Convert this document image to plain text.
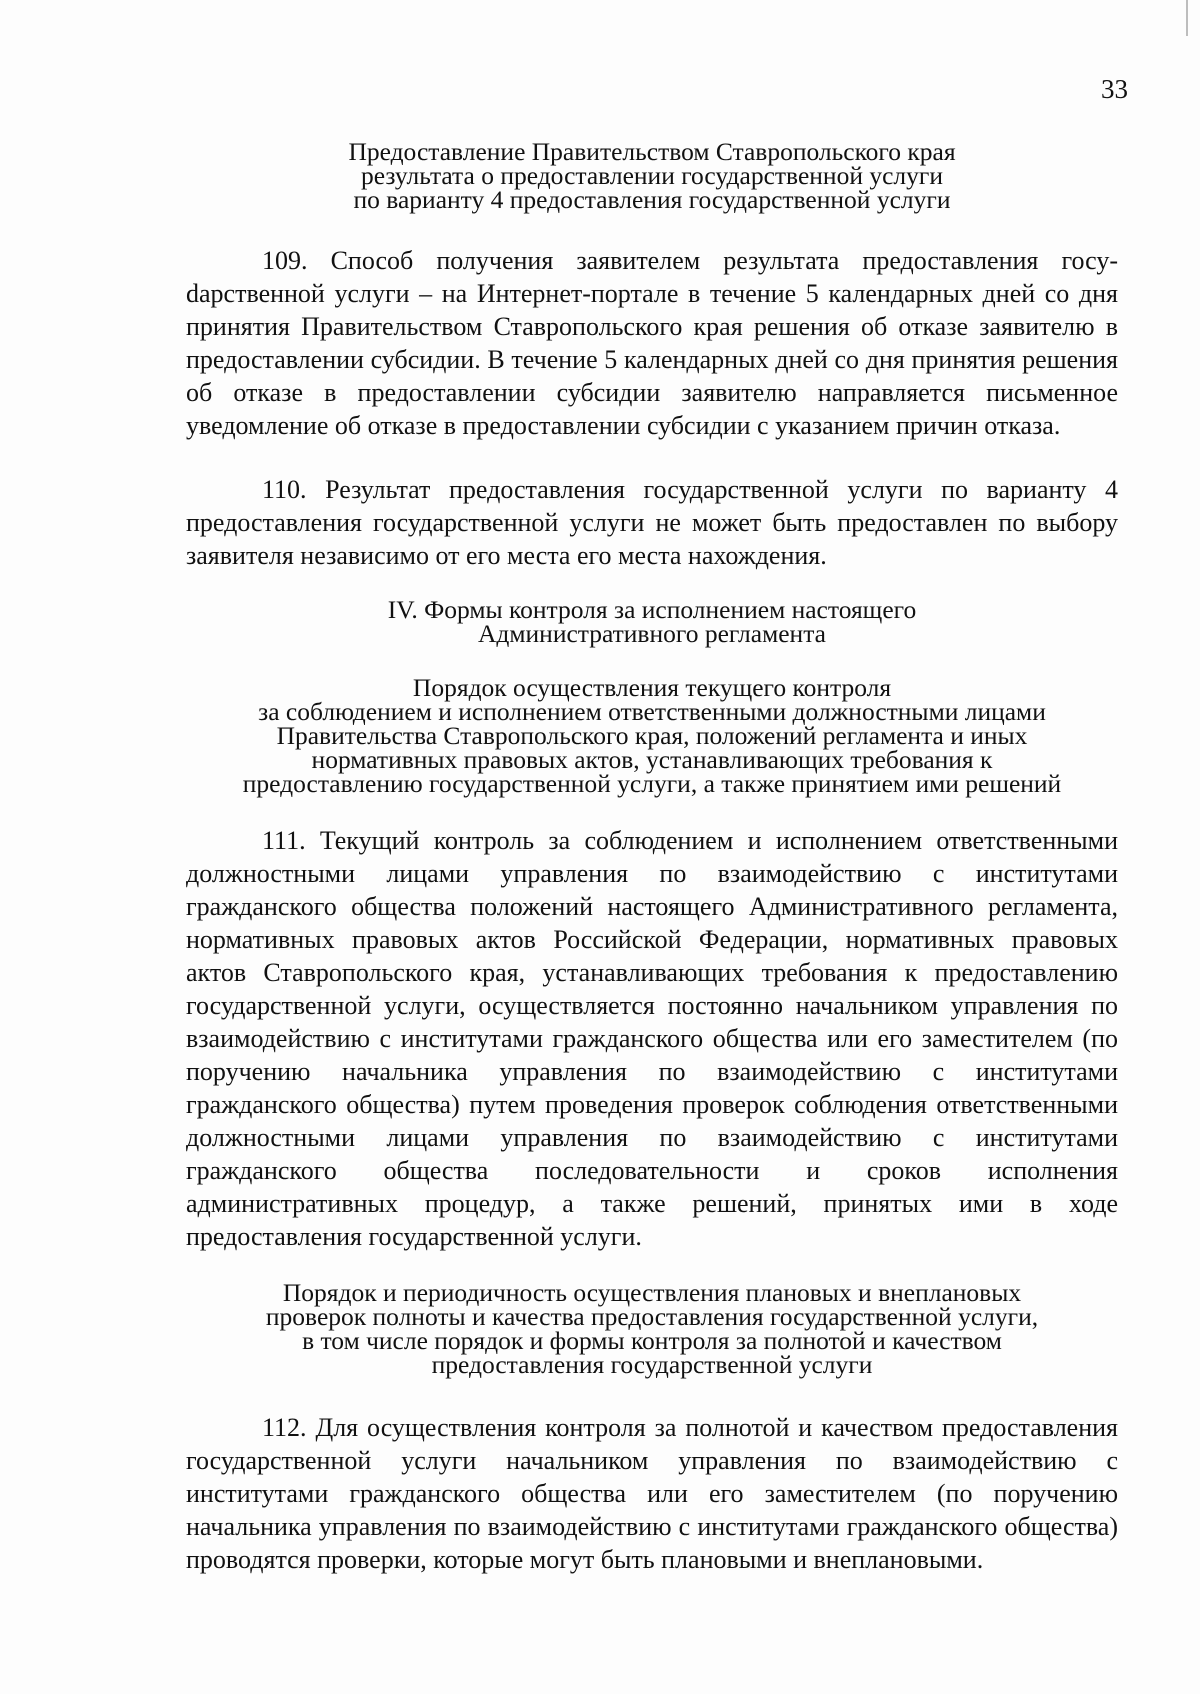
33

Предоставление Правительством Ставропольского края
результата о предоставлении государственной услуги
по варианту 4 предоставления государственной услуги

109. Способ получения заявителем результата предоставления госуdарственной услуги – на Интернет-портале в течение 5 календарных дней со дня принятия Правительством Ставропольского края решения об отказе заявителю в предоставлении субсидии. В течение 5 календарных дней со дня принятия решения об отказе в предоставлении субсидии заявителю направляется письменное уведомление об отказе в предоставлении субсидии с указанием причин отказа.

110. Результат предоставления государственной услуги по варианту 4 предоставления государственной услуги не может быть предоставлен по выбору заявителя независимо от его места его места нахождения.

IV. Формы контроля за исполнением настоящего
Административного регламента
Порядок осуществления текущего контроля
за соблюдением и исполнением ответственными должностными лицами
Правительства Ставропольского края, положений регламента и иных
нормативных правовых актов, устанавливающих требования к
предоставлению государственной услуги, а также принятием ими решений

111. Текущий контроль за соблюдением и исполнением ответственными должностными лицами управления по взаимодействию с институтами гражданского общества положений настоящего Административного регламента, нормативных правовых актов Российской Федерации, нормативных правовых актов Ставропольского края, устанавливающих требования к предоставлению государственной услуги, осуществляется постоянно начальником управления по взаимодействию с институтами гражданского общества или его заместителем (по поручению начальника управления по взаимодействию с институтами гражданского общества) путем проведения проверок соблюдения ответственными должностными лицами управления по взаимодействию с институтами гражданского общества последовательности и сроков исполнения административных процедур, а также решений, принятых ими в ходе предоставления государственной услуги.

Порядок и периодичность осуществления плановых и внеплановых
проверок полноты и качества предоставления государственной услуги,
в том числе порядок и формы контроля за полнотой и качеством
предоставления государственной услуги

112. Для осуществления контроля за полнотой и качеством предоставления государственной услуги начальником управления по взаимодействию с институтами гражданского общества или его заместителем (по поручению начальника управления по взаимодействию с институтами гражданского общества) проводятся проверки, которые могут быть плановыми и внеплановыми.
